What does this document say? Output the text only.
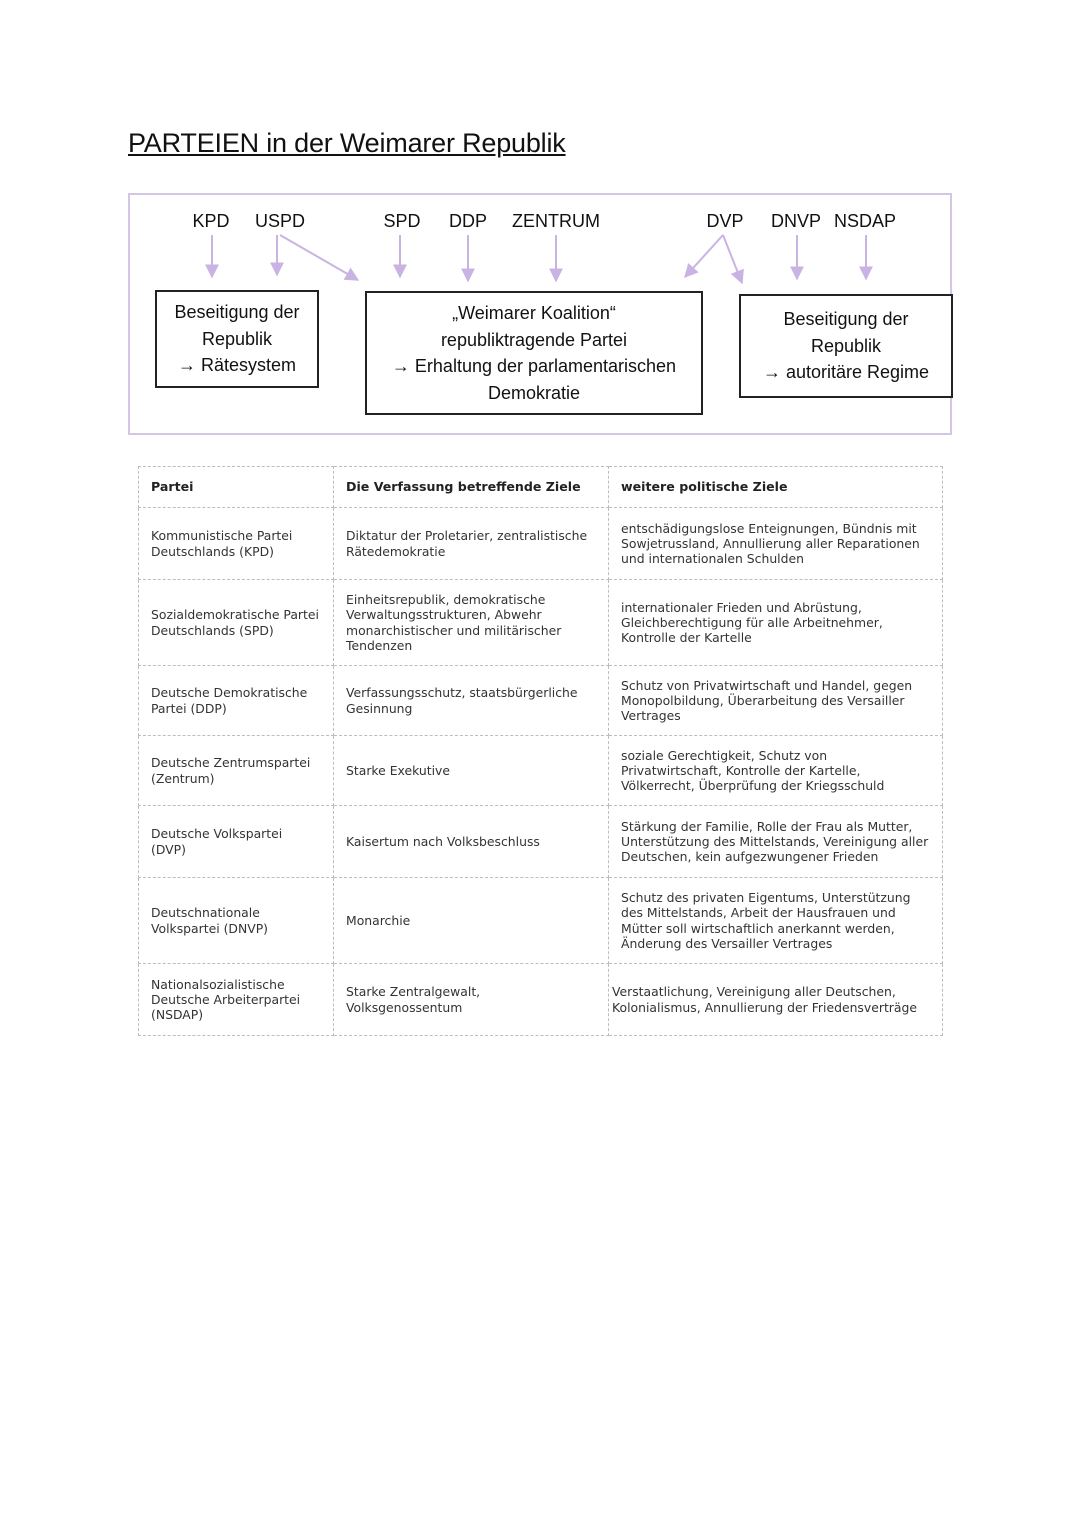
PARTEIEN in der Weimarer Republik
KPD USPD	SPD DDP ZENTRUM	DVP DNVP NSDAP
Beseitigung der
Republik
→ Rätesystem
„Weimarer Koalition“
republiktragende Partei
→ Erhaltung der parlamentarischen
Demokratie
Beseitigung der
Republik
→ autoritäre Regime
Partei	Die Verfassung betreffende Ziele	weitere politische Ziele
Kommunistische Partei Deutschlands (KPD)	Diktatur der Proletarier, zentralistische Rätedemokratie	entschädigungslose Enteignungen, Bündnis mit Sowjetrussland, Annullierung aller Reparationen und internationalen Schulden
Sozialdemokratische Partei Deutschlands (SPD)	Einheitsrepublik, demokratische Verwaltungsstrukturen, Abwehr monarchistischer und militärischer Tendenzen	internationaler Frieden und Abrüstung, Gleichberechtigung für alle Arbeitnehmer, Kontrolle der Kartelle
Deutsche Demokratische Partei (DDP)	Verfassungsschutz, staatsbürgerliche Gesinnung	Schutz von Privatwirtschaft und Handel, gegen Monopolbildung, Überarbeitung des Versailler Vertrages
Deutsche Zentrumspartei (Zentrum)	Starke Exekutive	soziale Gerechtigkeit, Schutz von Privatwirtschaft, Kontrolle der Kartelle, Völkerrecht, Überprüfung der Kriegsschuld
Deutsche Volkspartei (DVP)	Kaisertum nach Volksbeschluss	Stärkung der Familie, Rolle der Frau als Mutter, Unterstützung des Mittelstands, Vereinigung aller Deutschen, kein aufgezwungener Frieden
Deutschnationale Volkspartei (DNVP)	Monarchie	Schutz des privaten Eigentums, Unterstützung des Mittelstands, Arbeit der Hausfrauen und Mütter soll wirtschaftlich anerkannt werden, Änderung des Versailler Vertrages
Nationalsozialistische Deutsche Arbeiterpartei (NSDAP)	Starke Zentralgewalt, Volksgenossentum	Verstaatlichung, Vereinigung aller Deutschen, Kolonialismus, Annullierung der Friedensverträge
